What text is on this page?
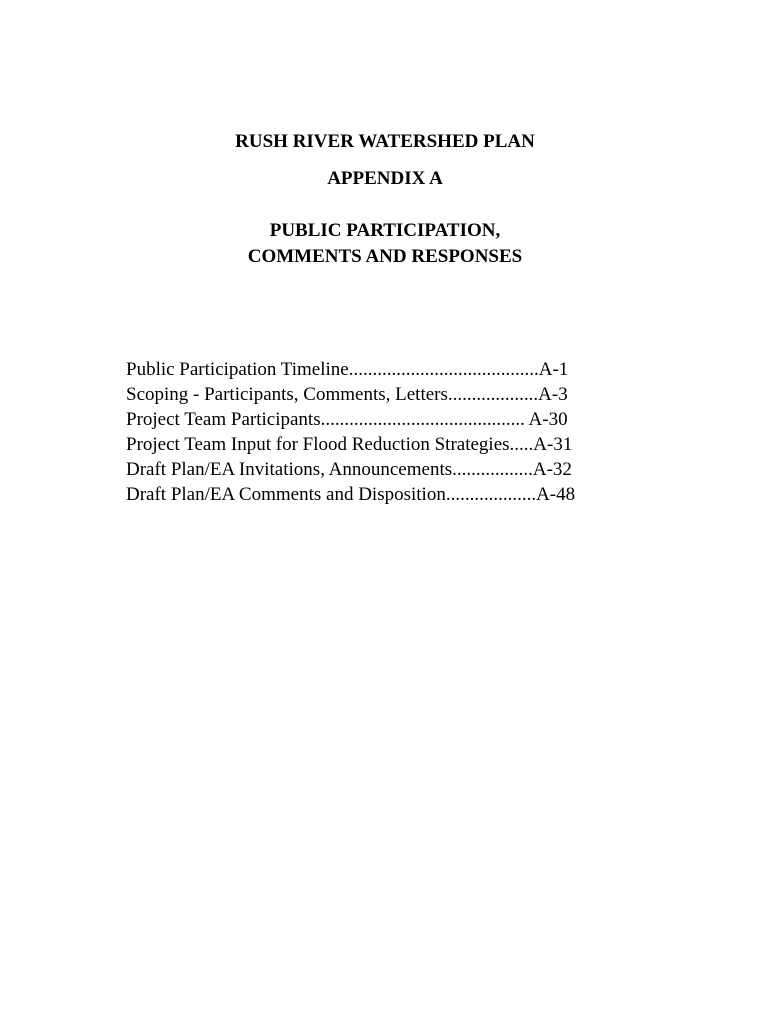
RUSH RIVER WATERSHED PLAN
APPENDIX A
PUBLIC PARTICIPATION,
COMMENTS AND RESPONSES
Public Participation Timeline........................................A-1
Scoping - Participants, Comments, Letters...................A-3
Project Team Participants........................................... A-30
Project Team Input for Flood Reduction Strategies.....A-31
Draft Plan/EA Invitations, Announcements.................A-32
Draft Plan/EA Comments and Disposition...................A-48
